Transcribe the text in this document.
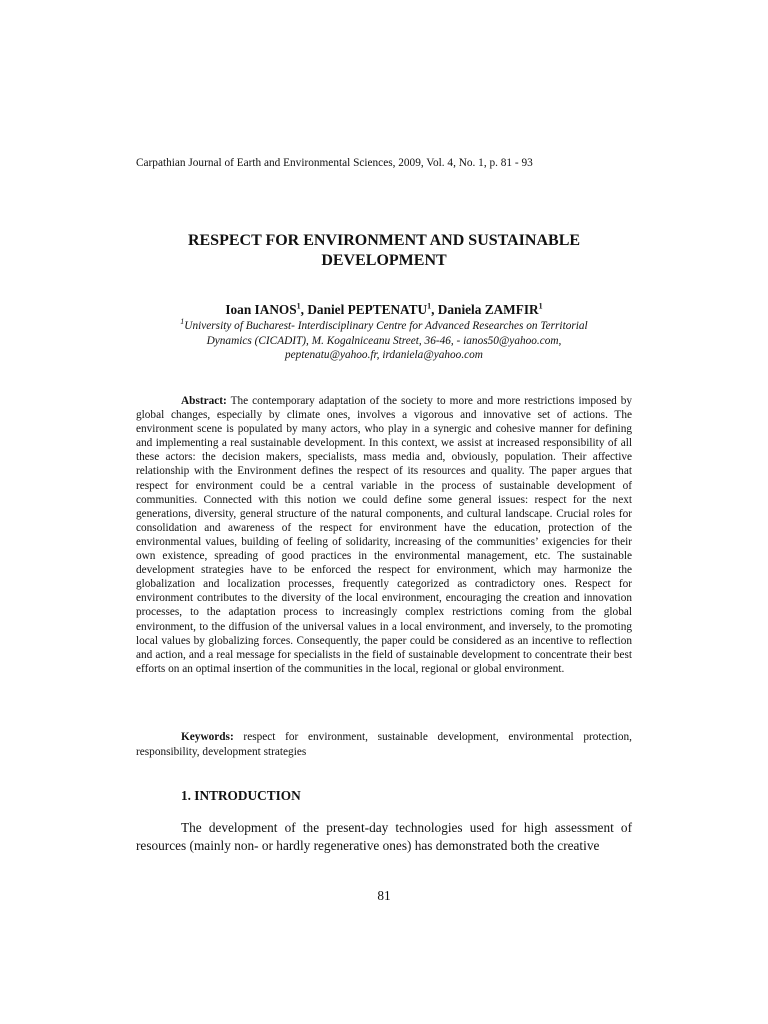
Carpathian Journal of Earth and Environmental Sciences, 2009, Vol. 4, No. 1, p. 81 - 93
RESPECT FOR ENVIRONMENT AND SUSTAINABLE
DEVELOPMENT
Ioan IANOS$^1$, Daniel PEPTENATU$^1$, Daniela ZAMFIR$^1$
$^1$University of Bucharest- Interdisciplinary Centre for Advanced Researches on Territorial
Dynamics (CICADIT), M. Kogalniceanu Street, 36-46, - ianos50@yahoo.com,
peptenatu@yahoo.fr, irdaniela@yahoo.com

Abstract: The contemporary adaptation of the society to more and more restrictions imposed by global changes, especially by climate ones, involves a vigorous and innovative set of actions. The environment scene is populated by many actors, who play in a synergic and cohesive manner for defining and implementing a real sustainable development. In this context, we assist at increased responsibility of all these actors: the decision makers, specialists, mass media and, obviously, population. Their affective relationship with the Environment defines the respect of its resources and quality. The paper argues that respect for environment could be a central variable in the process of sustainable development of communities. Connected with this notion we could define some general issues: respect for the next generations, diversity, general structure of the natural components, and cultural landscape. Crucial roles for consolidation and awareness of the respect for environment have the education, protection of the environmental values, building of feeling of solidarity, increasing of the communities’ exigencies for their own existence, spreading of good practices in the environmental management, etc. The sustainable development strategies have to be enforced the respect for environment, which may harmonize the globalization and localization processes, frequently categorized as contradictory ones. Respect for environment contributes to the diversity of the local environment, encouraging the creation and innovation processes, to the adaptation process to increasingly complex restrictions coming from the global environment, to the diffusion of the universal values in a local environment, and inversely, to the promoting local values by globalizing forces. Consequently, the paper could be considered as an incentive to reflection and action, and a real message for specialists in the field of sustainable development to concentrate their best efforts on an optimal insertion of the communities in the local, regional or global environment.

Keywords: respect for environment, sustainable development, environmental protection, responsibility, development strategies

1. INTRODUCTION

The development of the present-day technologies used for high assessment of resources (mainly non- or hardly regenerative ones) has demonstrated both the creative

81
